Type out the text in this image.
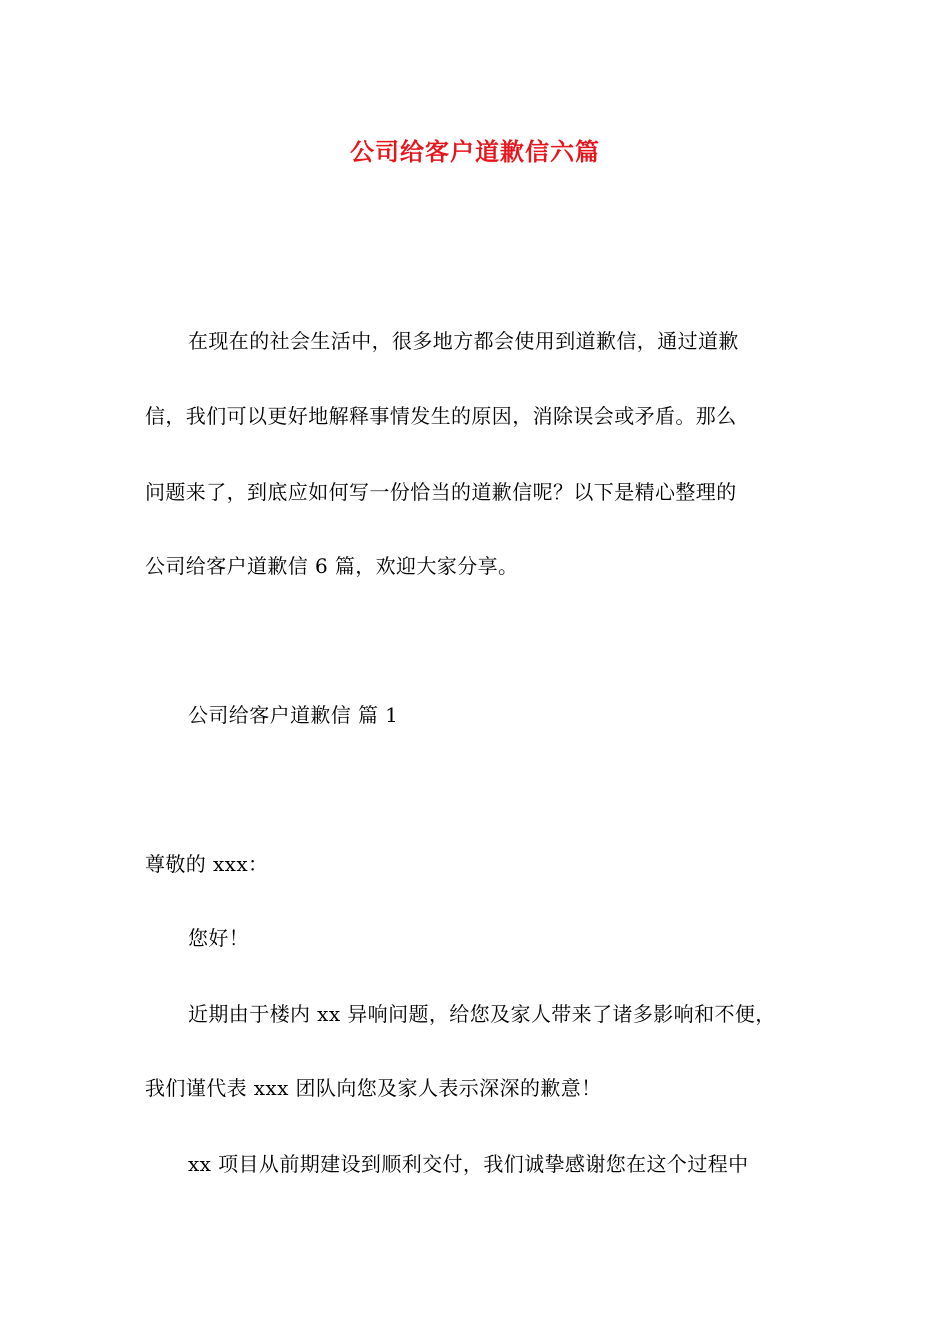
公司给客户道歉信六篇
在现在的社会生活中，很多地方都会使用到道歉信，通过道歉
信，我们可以更好地解释事情发生的原因，消除误会或矛盾。那么
问题来了，到底应如何写一份恰当的道歉信呢？以下是精心整理的
公司给客户道歉信 6 篇，欢迎大家分享。
公司给客户道歉信 篇 1
尊敬的 xxx：
您好！
近期由于楼内 xx 异响问题，给您及家人带来了诸多影响和不便，
我们谨代表 xxx 团队向您及家人表示深深的歉意！
xx 项目从前期建设到顺利交付，我们诚挚感谢您在这个过程中
